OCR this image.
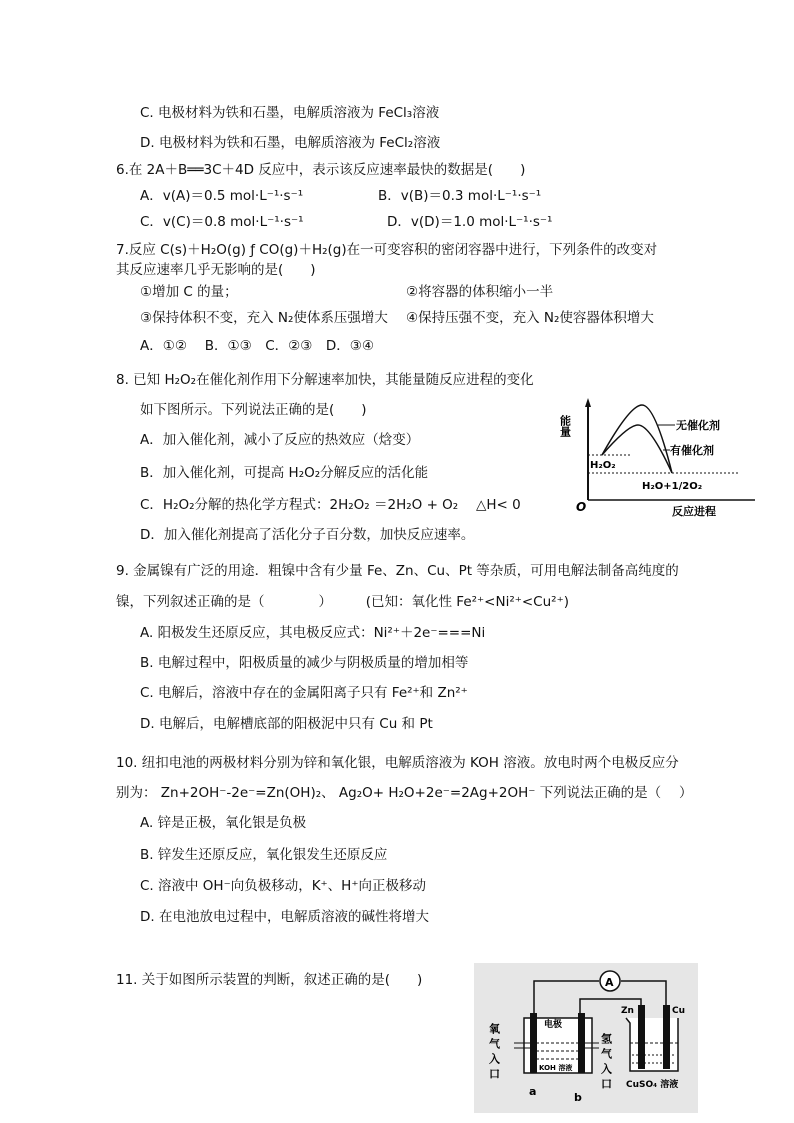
C. 电极材料为铁和石墨，电解质溶液为 FeCl₃溶液
D. 电极材料为铁和石墨，电解质溶液为 FeCl₂溶液
6.在 2A＋B══3C＋4D 反应中，表示该反应速率最快的数据是(　　)
A．v(A)＝0.5 mol·L⁻¹·s⁻¹	B．v(B)＝0.3 mol·L⁻¹·s⁻¹
C．v(C)＝0.8 mol·L⁻¹·s⁻¹	D．v(D)＝1.0 mol·L⁻¹·s⁻¹
7.反应 C(s)＋H₂O(g) ƒ CO(g)＋H₂(g)在一可变容积的密闭容器中进行，下列条件的改变对
其反应速率几乎无影响的是(　　)
①增加 C 的量；	②将容器的体积缩小一半
③保持体积不变，充入 N₂使体系压强增大 ④保持压强不变，充入 N₂使容器体积增大
A．①②　 B．①③　C．②③　D．③④
8. 已知 H₂O₂在催化剂作用下分解速率加快，其能量随反应进程的变化
如下图所示。下列说法正确的是(　　)
A．加入催化剂，减小了反应的热效应（焓变）
B．加入催化剂，可提高 H₂O₂分解反应的活化能
C．H₂O₂分解的热化学方程式：2H₂O₂ ＝2H₂O + O₂　 △H< 0
D．加入催化剂提高了活化分子百分数，加快反应速率。
能量	无催化剂
有催化剂
H₂O₂
H₂O+1/2O₂
O	反应进程
9. 金属镍有广泛的用途．粗镍中含有少量 Fe、Zn、Cu、Pt 等杂质，可用电解法制备高纯度的
镍，下列叙述正确的是（　　　　）　　　(已知：氧化性 Fe²⁺<Ni²⁺<Cu²⁺)
A. 阳极发生还原反应，其电极反应式：Ni²⁺＋2e⁻===Ni
B. 电解过程中，阳极质量的减少与阴极质量的增加相等
C. 电解后，溶液中存在的金属阳离子只有 Fe²⁺和 Zn²⁺
D. 电解后，电解槽底部的阳极泥中只有 Cu 和 Pt
10. 纽扣电池的两极材料分别为锌和氧化银，电解质溶液为 KOH 溶液。放电时两个电极反应分
别为： Zn+2OH⁻-2e⁻=Zn(OH)₂、 Ag₂O+ H₂O+2e⁻=2Ag+2OH⁻ 下列说法正确的是（　 ）
A. 锌是正极，氧化银是负极
B. 锌发生还原反应，氧化银发生还原反应
C. 溶液中 OH⁻向负极移动，K⁺、H⁺向正极移动
D. 在电池放电过程中，电解质溶液的碱性将增大
11. 关于如图所示装置的判断，叙述正确的是(　　)	A
电极
KOH 溶液
氧气入口	氢气入口
a	b
Zn	Cu
CuSO₄ 溶液
